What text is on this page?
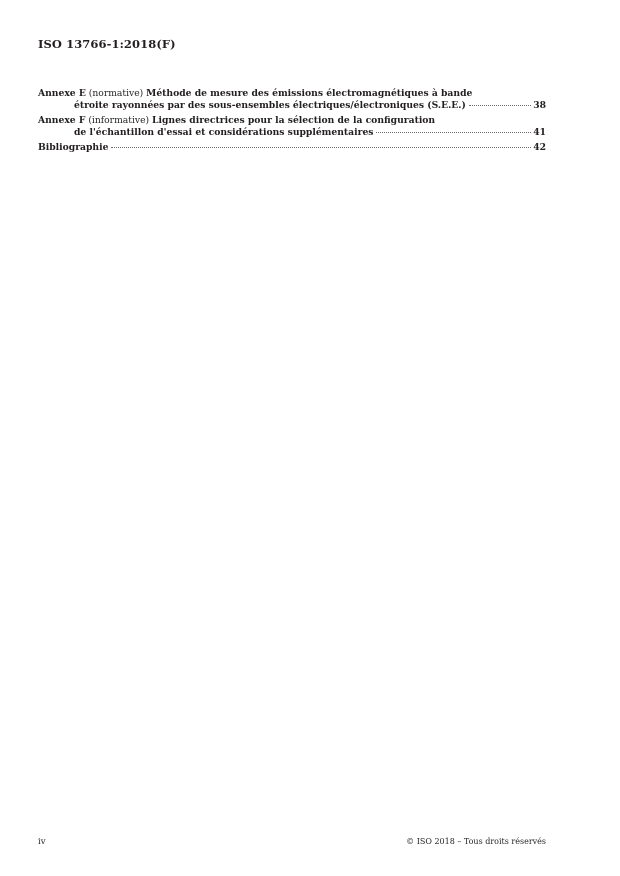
ISO 13766-1:2018(F)
Annexe E
(normative)
Méthode de mesure des émissions électromagnétiques à bande
étroite rayonnées par des sous-ensembles électriques/électroniques (S.E.E.)	38
Annexe F
(informative)
Lignes directrices pour la sélection de la configuration
de l'échantillon d'essai et considérations supplémentaires	41
Bibliographie	42
iv	© ISO 2018 – Tous droits réservés
